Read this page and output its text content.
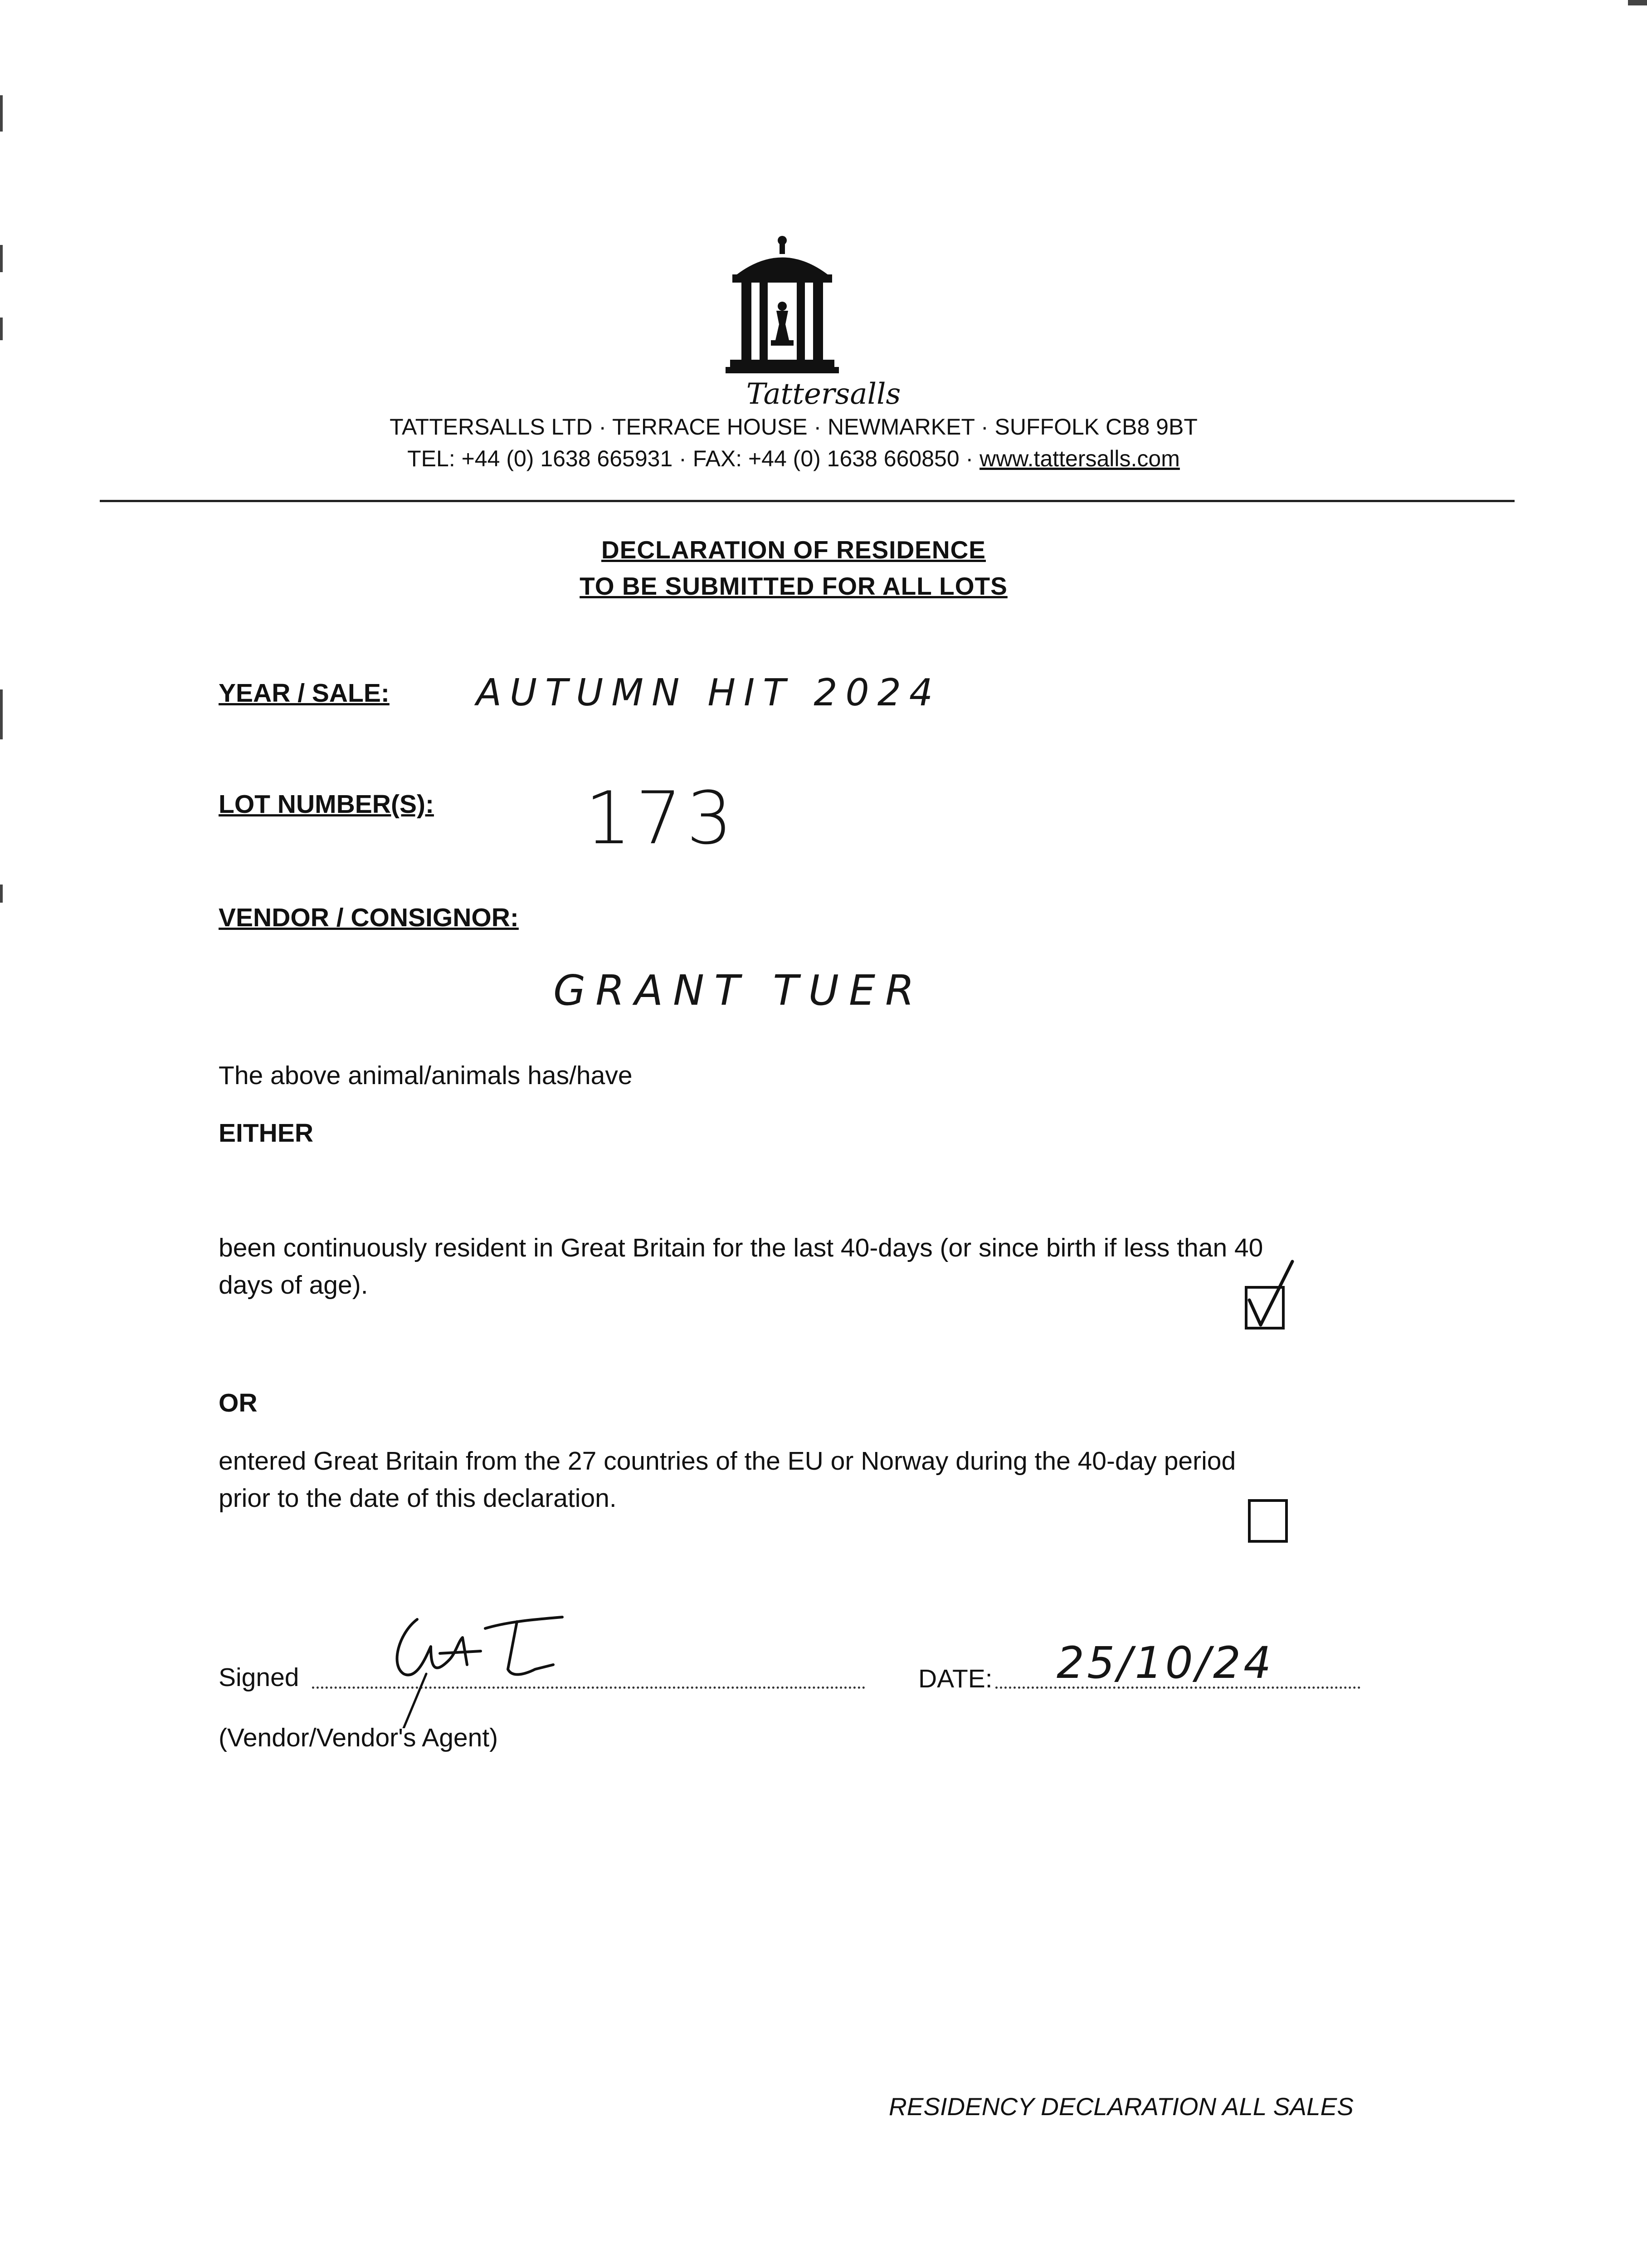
Tattersalls
TATTERSALLS LTD · TERRACE HOUSE · NEWMARKET · SUFFOLK CB8 9BT
TEL: +44 (0) 1638 665931 · FAX: +44 (0) 1638 660850 · www.tattersalls.com
DECLARATION OF RESIDENCE
TO BE SUBMITTED FOR ALL LOTS
YEAR / SALE: AUTUMN HIT 2024
LOT NUMBER(S): 173
VENDOR / CONSIGNOR:
GRANT TUER
The above animal/animals has/have
EITHER
been continuously resident in Great Britain for the last 40-days (or since birth if less than 40
days of age).
OR
entered Great Britain from the 27 countries of the EU or Norway during the 40-day period
prior to the date of this declaration.
Signed	DATE: 25/10/24
(Vendor/Vendor's Agent)
RESIDENCY DECLARATION ALL SALES
